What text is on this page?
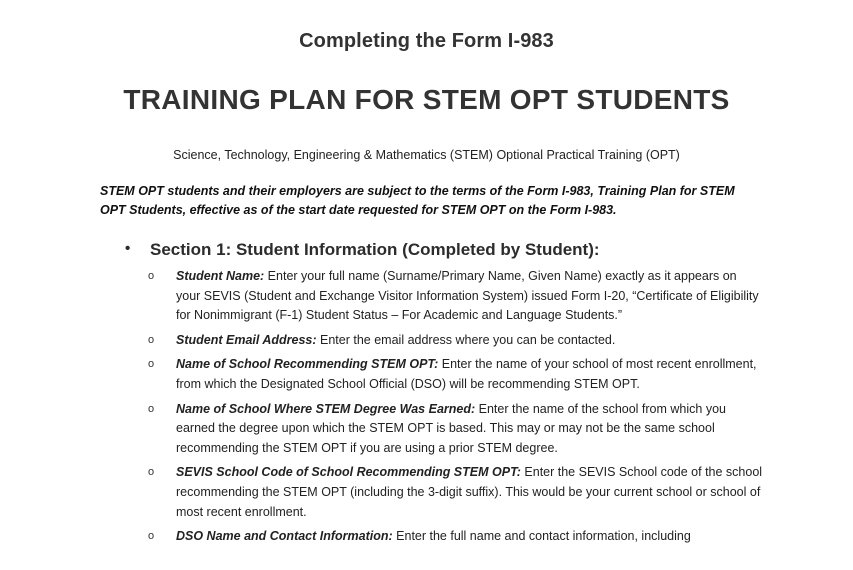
Completing the Form I-983
TRAINING PLAN FOR STEM OPT STUDENTS
Science, Technology, Engineering & Mathematics (STEM) Optional Practical Training (OPT)
STEM OPT students and their employers are subject to the terms of the Form I-983, Training Plan for STEM OPT Students, effective as of the start date requested for STEM OPT on the Form I-983.
• Section 1: Student Information (Completed by Student):
o Student Name: Enter your full name (Surname/Primary Name, Given Name) exactly as it appears on your SEVIS (Student and Exchange Visitor Information System) issued Form I-20, “Certificate of Eligibility for Nonimmigrant (F-1) Student Status – For Academic and Language Students.”
o Student Email Address: Enter the email address where you can be contacted.
o Name of School Recommending STEM OPT: Enter the name of your school of most recent enrollment, from which the Designated School Official (DSO) will be recommending STEM OPT.
o Name of School Where STEM Degree Was Earned: Enter the name of the school from which you earned the degree upon which the STEM OPT is based. This may or may not be the same school recommending the STEM OPT if you are using a prior STEM degree.
o SEVIS School Code of School Recommending STEM OPT: Enter the SEVIS School code of the school recommending the STEM OPT (including the 3-digit suffix). This would be your current school or school of most recent enrollment.
o DSO Name and Contact Information: Enter the full name and contact information, including
